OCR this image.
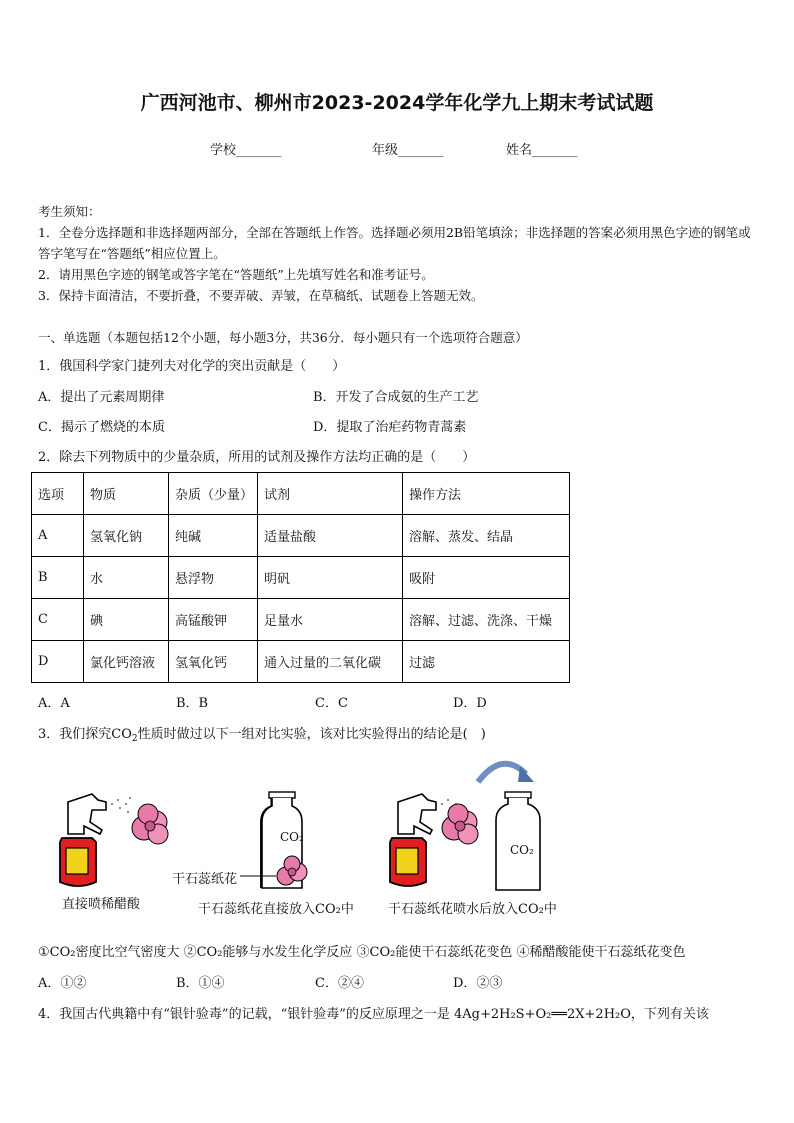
广西河池市、柳州市2023-2024学年化学九上期末考试试题
学校_______	年级_______	姓名_______
考生须知：
1．全卷分选择题和非选择题两部分，全部在答题纸上作答。选择题必须用2B铅笔填涂；非选择题的答案必须用黑色字迹的钢笔或答字笔写在“答题纸”相应位置上。
2．请用黑色字迹的钢笔或答字笔在“答题纸”上先填写姓名和准考证号。
3．保持卡面清洁，不要折叠，不要弄破、弄皱，在草稿纸、试题卷上答题无效。
一、单选题（本题包括12个小题，每小题3分，共36分．每小题只有一个选项符合题意）
1．俄国科学家门捷列夫对化学的突出贡献是（　　）
A．提出了元素周期律	B．开发了合成氨的生产工艺
C．揭示了燃烧的本质	D．提取了治疟药物青蒿素
2．除去下列物质中的少量杂质，所用的试剂及操作方法均正确的是（　　）
选项	物质	杂质（少量）	试剂	操作方法
A	氢氧化钠	纯碱	适量盐酸	溶解、蒸发、结晶
B	水	悬浮物	明矾	吸附
C	碘	高锰酸钾	足量水	溶解、过滤、洗涤、干燥
D	氯化钙溶液	氢氧化钙	通入过量的二氧化碳	过滤
A．A	B．B	C．C	D．D
3．我们探究$CO_2$性质时做过以下一组对比实验，该对比实验得出的结论是(　)
CO₂
CO₂
干石蕊纸花
直接喷稀醋酸	干石蕊纸花直接放入CO₂中	干石蕊纸花喷水后放入CO₂中
①CO₂密度比空气密度大 ②CO₂能够与水发生化学反应 ③CO₂能使干石蕊纸花变色 ④稀醋酸能使干石蕊纸花变色
A．①②	B．①④	C．②④	D．②③
4．我国古代典籍中有“银针验毒”的记载，“银针验毒”的反应原理之一是 4Ag+2H₂S+O₂══2X+2H₂O，下列有关该
